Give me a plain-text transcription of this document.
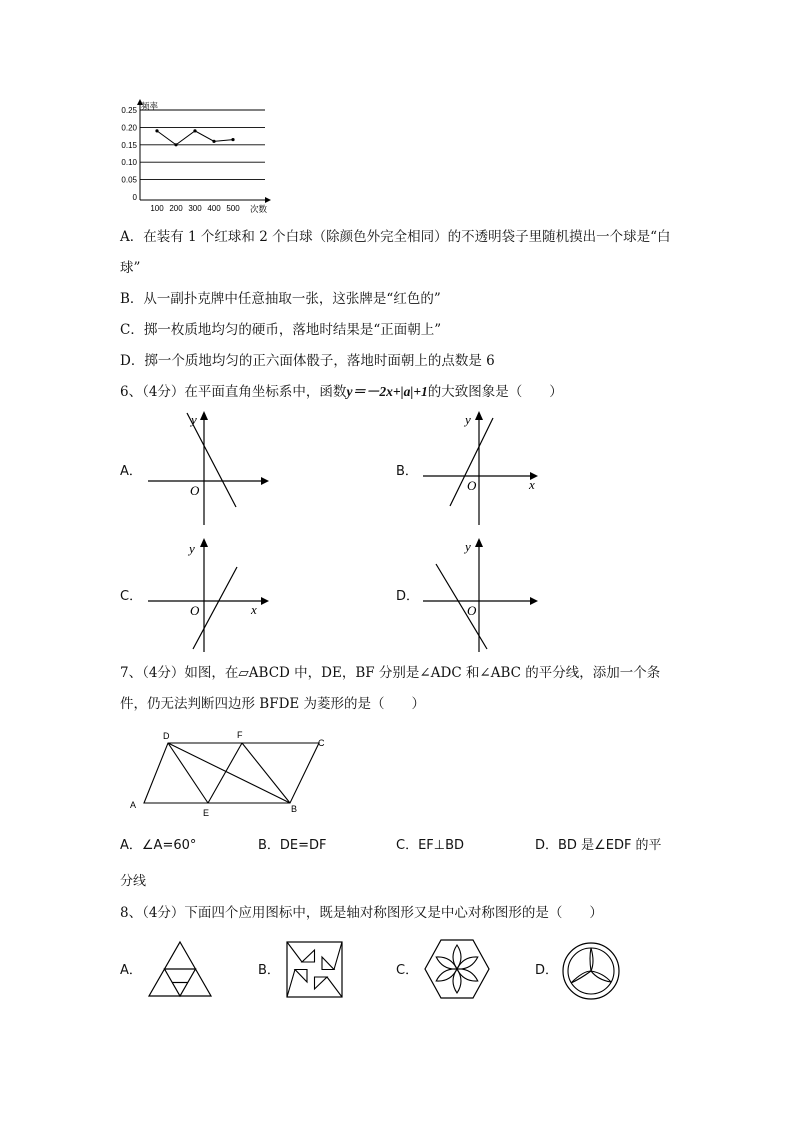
0
0.05
0.10
0.15
0.20
0.25 频率
次数
100 200 300 400 500
A．在装有 1 个红球和 2 个白球（除颜色外完全相同）的不透明袋子里随机摸出一个球是“白
球”
B．从一副扑克牌中任意抽取一张，这张牌是“红色的”
C．掷一枚质地均匀的硬币，落地时结果是“正面朝上”
D．掷一个质地均匀的正六面体骰子，落地时面朝上的点数是 6
6、（4分）在平面直角坐标系中，函数y＝－2x+|a|+1的大致图象是（　　）
A．	B．
C．	D．
y
O
y
O	x
y
O	x
y
O
7、（4分）如图，在▱ABCD 中，DE，BF 分别是∠ADC 和∠ABC 的平分线，添加一个条
件，仍无法判断四边形 BFDE 为菱形的是（　　）
D	F
C
A
E	B
A．∠A=60°	B．DE=DF	C．EF⊥BD	D．BD 是∠EDF 的平
分线
8、（4分）下面四个应用图标中，既是轴对称图形又是中心对称图形的是（　　）
A．	B．	C．	D．
